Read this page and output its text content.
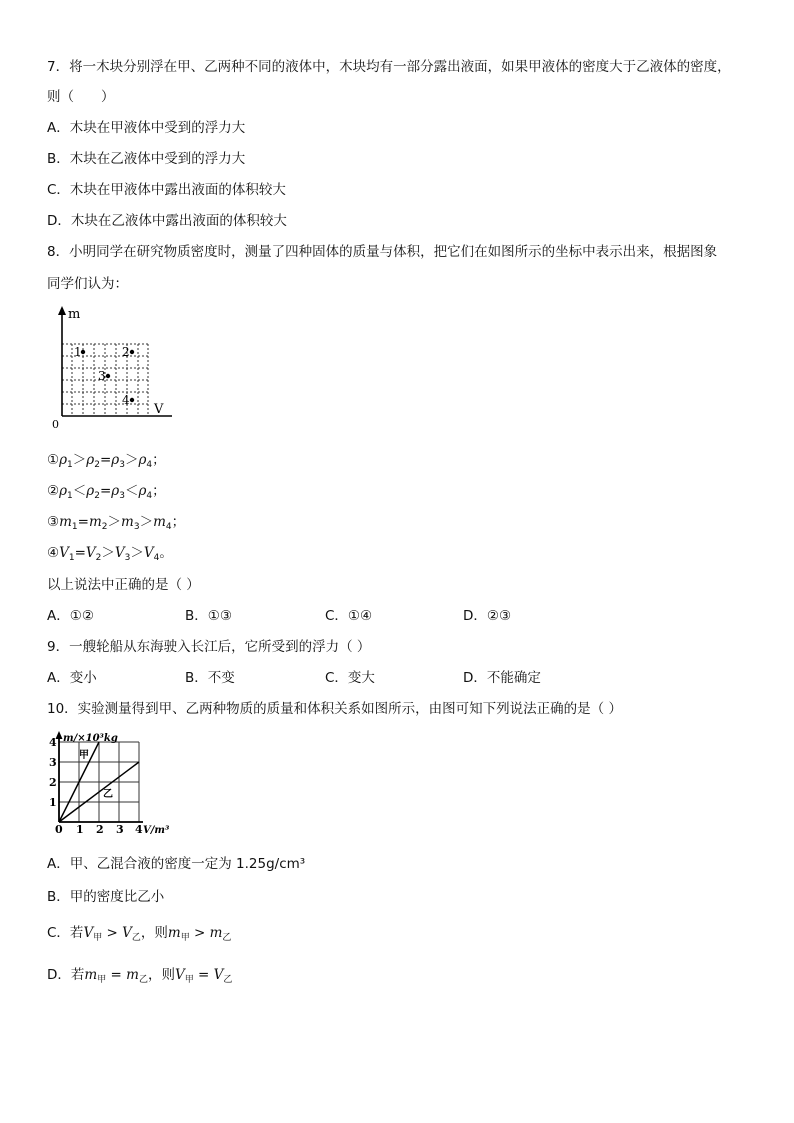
7．将一木块分别浮在甲、乙两种不同的液体中，木块均有一部分露出液面，如果甲液体的密度大于乙液体的密度，
则（　　）
A．木块在甲液体中受到的浮力大
B．木块在乙液体中受到的浮力大
C．木块在甲液体中露出液面的体积较大
D．木块在乙液体中露出液面的体积较大
8．小明同学在研究物质密度时，测量了四种固体的质量与体积，把它们在如图所示的坐标中表示出来，根据图象
同学们认为：
m
V
0
1	2
3
4
$①\rho_1>\rho_2=\rho_3>\rho_4$；
$②\rho_1<\rho_2=\rho_3<\rho_4$；
$③m_1=m_2>m_3>m_4$；
$④V_1=V_2>V_3>V_4$。
以上说法中正确的是（ ）
A．①②	B．①③	C．①④	D．②③
9．一艘轮船从东海驶入长江后，它所受到的浮力（ ）
A．变小	B．不变	C．变大	D．不能确定
10．实验测量得到甲、乙两种物质的质量和体积关系如图所示，由图可知下列说法正确的是（ ）
m/×10³kg
V/m³
0 1 2 3 4
1
2
3
4
甲
乙
A．甲、乙混合液的密度一定为 1.25g/cm³
B．甲的密度比乙小
C．若$V_甲 > V_乙$，则$m_甲 > m_乙$
D．若$m_甲 = m_乙$，则$V_甲 = V_乙$
